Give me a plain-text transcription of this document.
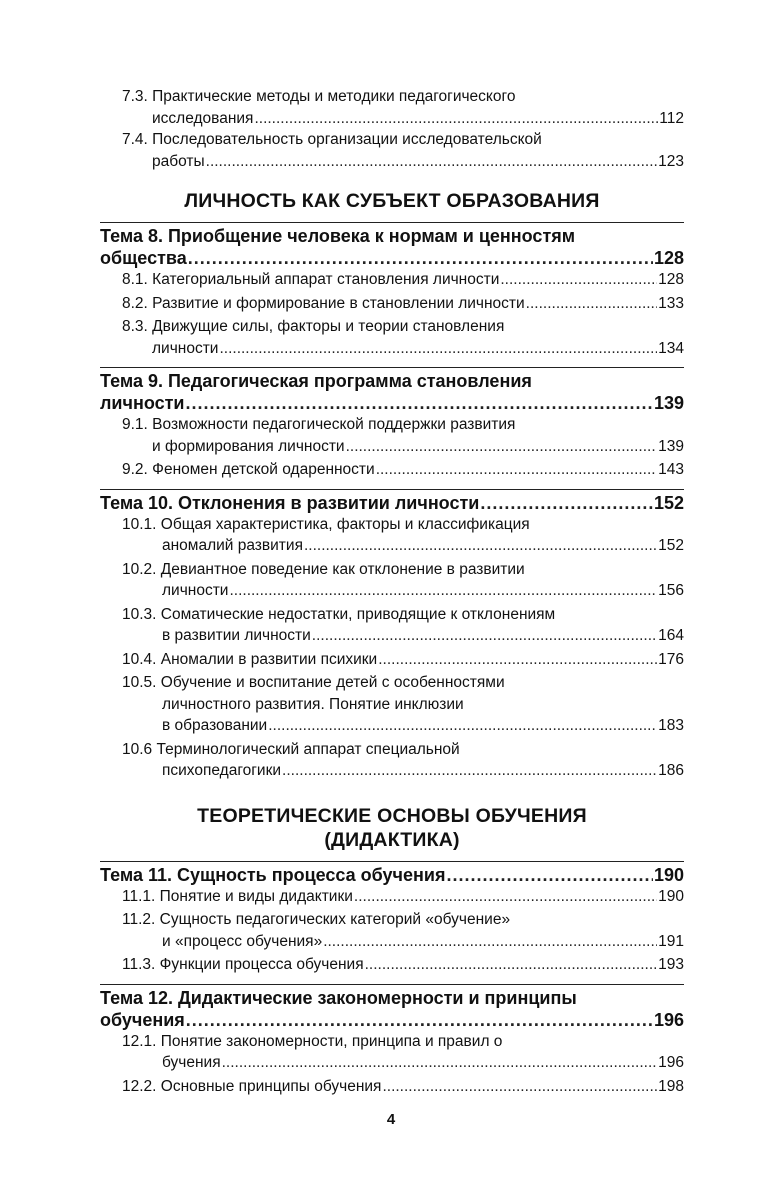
7.3. Практические методы и методики педагогического
исследования .....	112
7.4. Последовательность организации исследовательской
работы .....	123
ЛИЧНОСТЬ КАК СУБЪЕКТ ОБРАЗОВАНИЯ
Тема 8. Приобщение человека к нормам и ценностям
общества .....	128
8.1. Категориальный аппарат становления личности .....	128
8.2. Развитие и формирование в становлении личности .....	133
8.3. Движущие силы, факторы и теории становления
личности .....	134
Тема 9. Педагогическая программа становления
личности .....	139
9.1. Возможности педагогической поддержки развития
и формирования личности .....	139
9.2. Феномен детской одаренности .....	143
Тема 10. Отклонения в развитии личности .....	152
10.1. Общая характеристика, факторы и классификация
аномалий развития .....	152
10.2. Девиантное поведение как отклонение в развитии
личности .....	156
10.3. Соматические недостатки, приводящие к отклонениям
в развитии личности .....	164
10.4. Аномалии в развитии психики .....	176
10.5. Обучение и воспитание детей с особенностями
личностного развития. Понятие инклюзии
в образовании .....	183
10.6 Терминологический аппарат специальной
психопедагогики .....	186
ТЕОРЕТИЧЕСКИЕ ОСНОВЫ ОБУЧЕНИЯ
(ДИДАКТИКА)
Тема 11. Сущность процесса обучения .....	190
11.1. Понятие и виды дидактики .....	190
11.2. Сущность педагогических категорий «обучение»
и «процесс обучения» .....	191
11.3. Функции процесса обучения .....	193
Тема 12. Дидактические закономерности и принципы
обучения .....	196
12.1. Понятие закономерности, принципа и правил о
бучения .....	196
12.2. Основные принципы обучения .....	198
4
